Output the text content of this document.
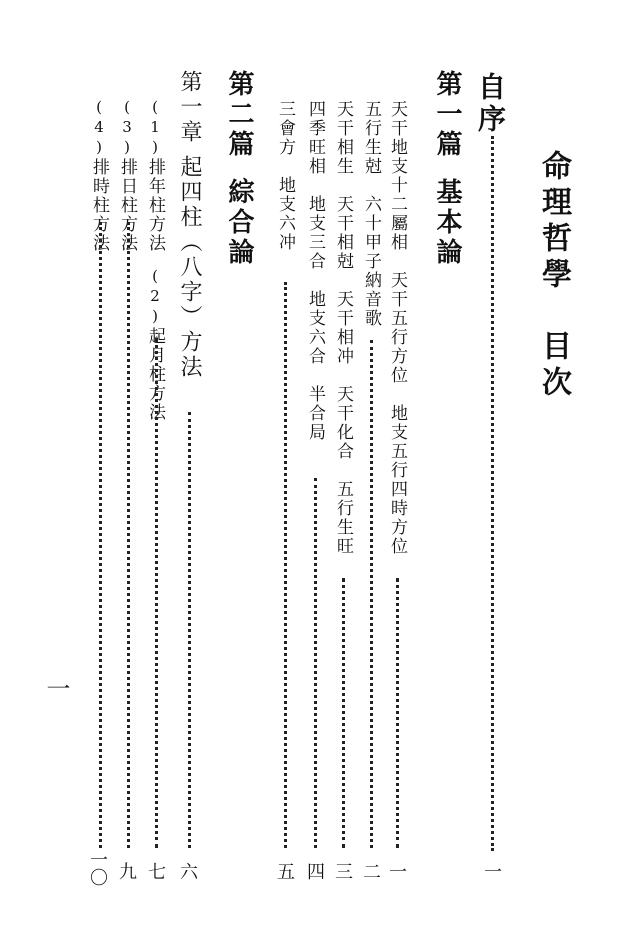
命理哲學　目次
自序
一
第一篇基本論
天干地支十二屬相　天干五行方位　地支五行四時方位
一
五行生尅　六十甲子納音歌
二
天干相生　天干相尅　天干相冲　天干化合　五行生旺
三
四季旺相　地支三合　地支六合　半合局
四
三會方　地支六冲
五
第二篇綜合論
第一章起四柱（八字）方法
六
(1)排年柱方法(2)起月柱方法
七
(3)排日柱方法
九
(4)排時柱方法
一〇
一
